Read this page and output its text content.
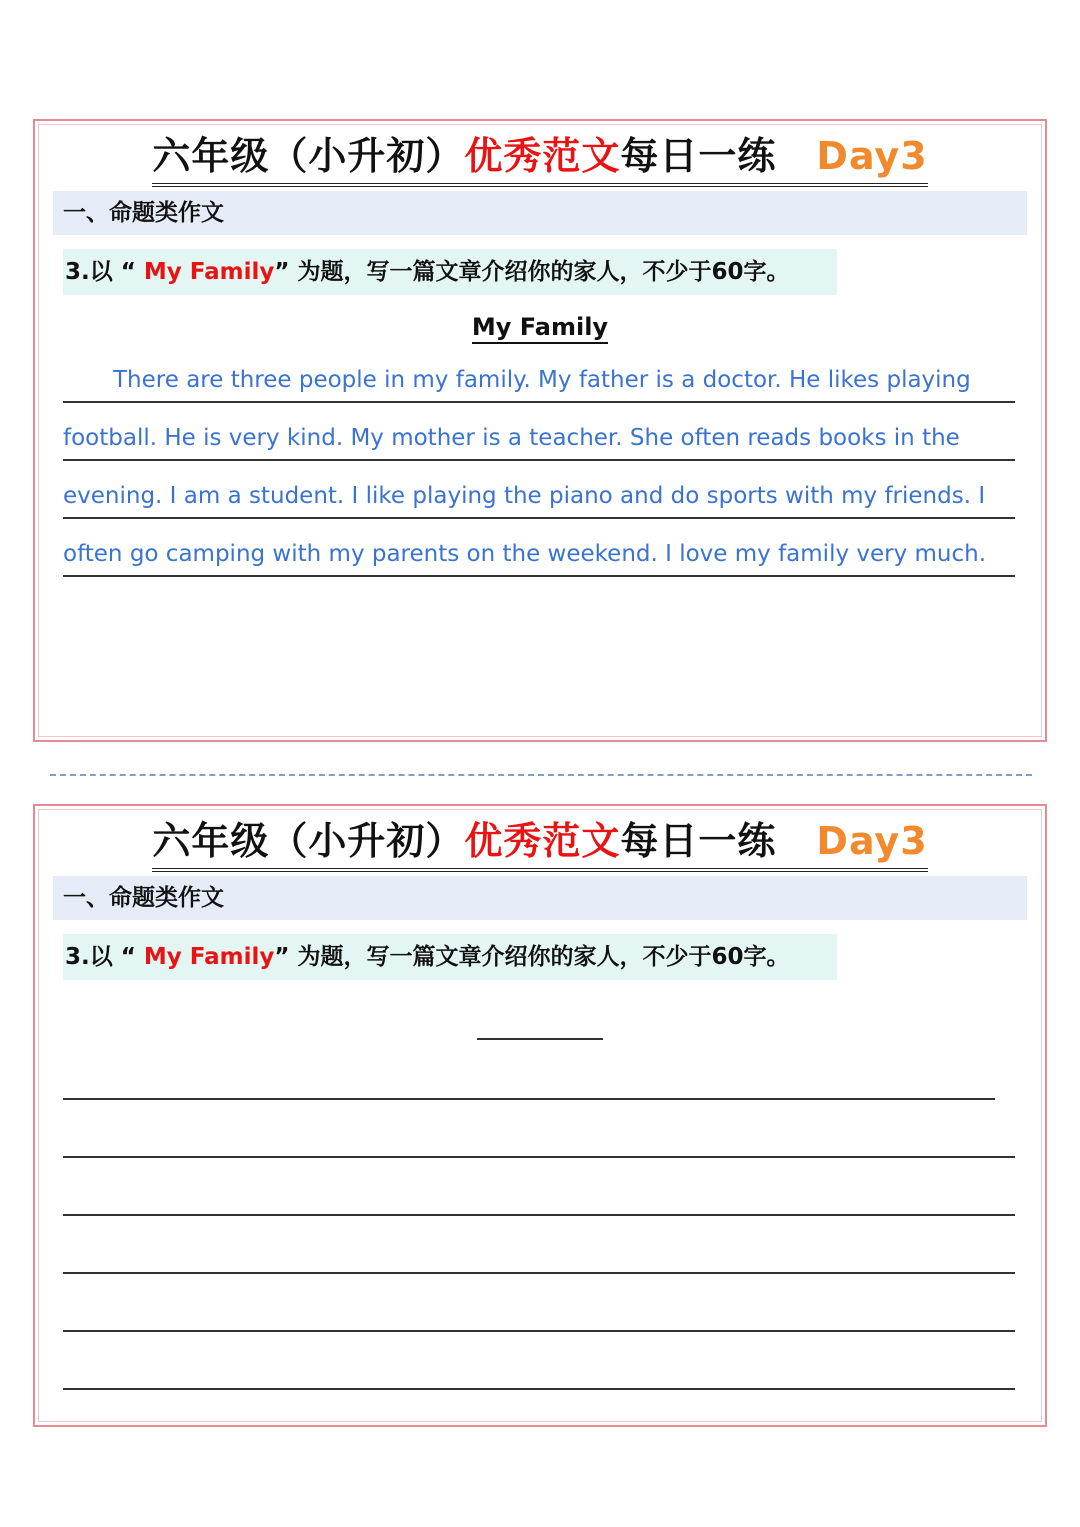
六年级（小升初）优秀范文每日一练 Day3
一、命题类作文
3.以 “ My Family” 为题，写一篇文章介绍你的家人，不少于60字。
My Family
There are three people in my family. My father is a doctor. He likes playing
football. He is very kind. My mother is a teacher. She often reads books in the
evening. I am a student. I like playing the piano and do sports with my friends. I
often go camping with my parents on the weekend. I love my family very much.
六年级（小升初）优秀范文每日一练 Day3
一、命题类作文
3.以 “ My Family” 为题，写一篇文章介绍你的家人，不少于60字。
